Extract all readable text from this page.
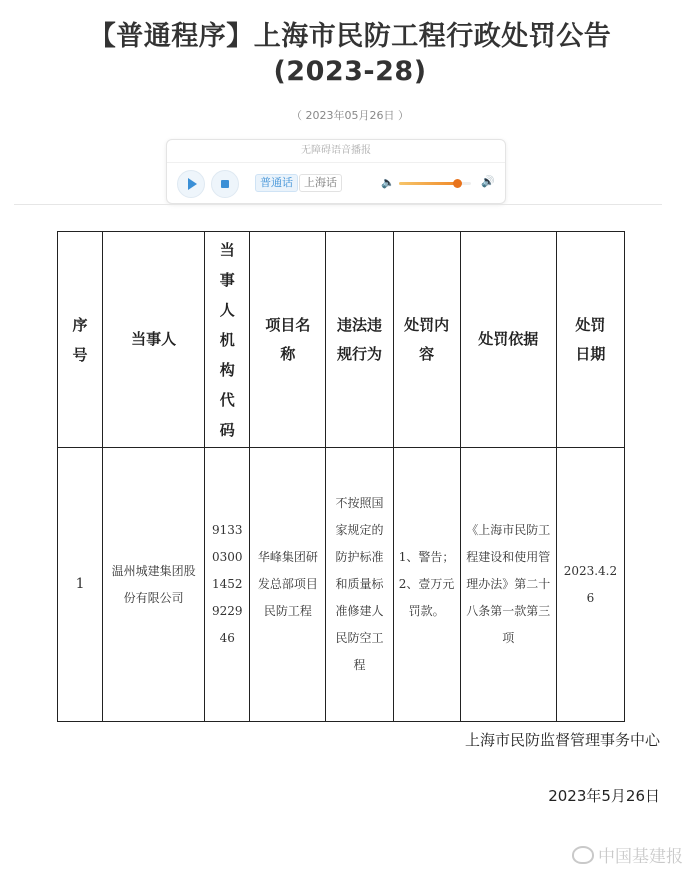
【普通程序】上海市民防工程行政处罚公告
(2023-28)
（ 2023年05月26日 ）
无障碍语音播报
普通话	上海话	🔈	🔊
序号	当事人	当事人机构代码	项目名称	违法违规行为	处罚内容	处罚依据	处罚日期

1	温州城建集团股份有限公司	913303001452922946	华峰集团研发总部项目民防工程	不按照国家规定的防护标准和质量标准修建人民防空工程	1、警告；2、壹万元罚款。	《上海市民防工程建设和使用管理办法》第二十八条第一款第三项	2023.4.26
上海市民防监督管理事务中心
2023年5月26日
中国基建报
